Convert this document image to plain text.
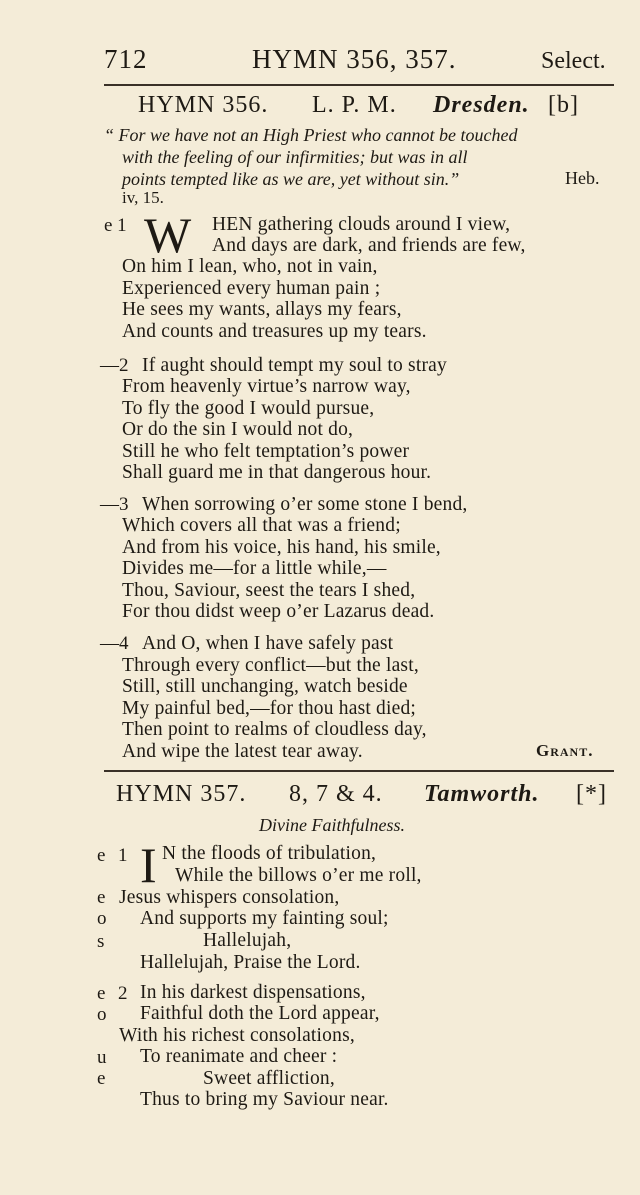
712	HYMN 356, 357.	Select.
HYMN 356. L. P. M. Dresden. [b]
“ For we have not an High Priest who cannot be touched
with the feeling of our infirmities; but was in all
points tempted like as we are, yet without sin.”	Heb.
iv, 15.
e 1 W HEN gathering clouds around I view,
And days are dark, and friends are few,
On him I lean, who, not in vain,
Experienced every human pain ;
He sees my wants, allays my fears,
And counts and treasures up my tears.
—2 If aught should tempt my soul to stray
From heavenly virtue’s narrow way,
To fly the good I would pursue,
Or do the sin I would not do,
Still he who felt temptation’s power
Shall guard me in that dangerous hour.
—3 When sorrowing o’er some stone I bend,
Which covers all that was a friend;
And from his voice, his hand, his smile,
Divides me—for a little while,—
Thou, Saviour, seest the tears I shed,
For thou didst weep o’er Lazarus dead.
—4 And O, when I have safely past
Through every conflict—but the last,
Still, still unchanging, watch beside
My painful bed,—for thou hast died;
Then point to realms of cloudless day,
And wipe the latest tear away.	Grant.
HYMN 357. 8, 7 & 4. Tamworth. [*]
Divine Faithfulness.
e 1 I N the floods of tribulation,
While the billows o’er me roll,
e Jesus whispers consolation,
o And supports my fainting soul;
s	Hallelujah,
Hallelujah, Praise the Lord.
e 2 In his darkest dispensations,
o Faithful doth the Lord appear,
With his richest consolations,
u To reanimate and cheer :
e	Sweet affliction,
Thus to bring my Saviour near.
